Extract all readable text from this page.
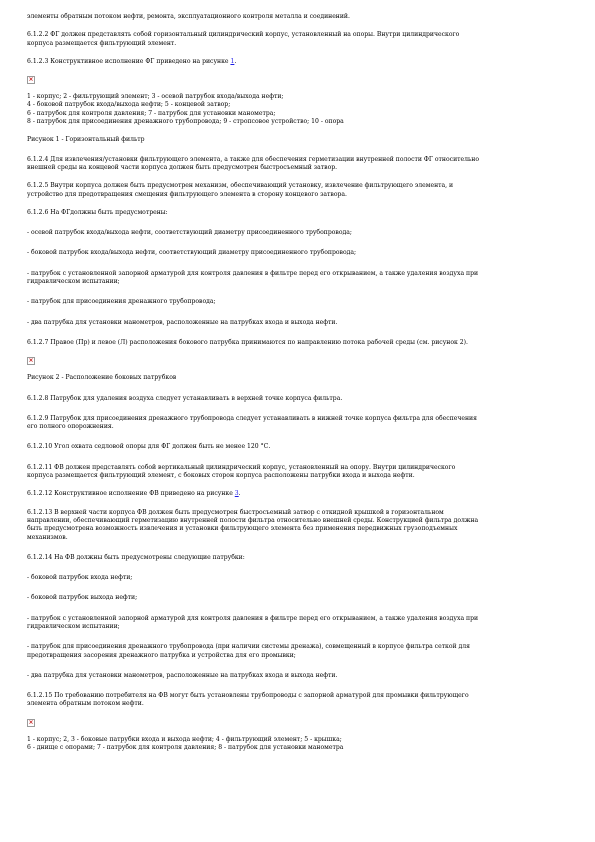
элементы обратным потоком нефти, ремонта, эксплуатационного контроля металла и соединений.

6.1.2.2 ФГ должен представлять собой горизонтальный цилиндрический корпус, установленный на опоры. Внутри цилиндрического

корпуса размещается фильтрующий элемент.

6.1.2.3 Конструктивное исполнение ФГ приведено на рисунке 1.

×

1 - корпус; 2 - фильтрующий элемент; 3 - осевой патрубок входа/выхода нефти;

4 - боковой патрубок входа/выхода нефти; 5 - концевой затвор;

6 - патрубок для контроля давления; 7 - патрубок для установки манометра;

8 - патрубок для присоединения дренажного трубопровода; 9 - стропсовое устройство; 10 - опора

Рисунок 1 - Горизонтальный фильтр

6.1.2.4 Для извлечения/установки фильтрующего элемента, а также для обеспечения герметизации внутренней полости ФГ относительно

внешней среды на концевой части корпуса должен быть предусмотрен быстросъемный затвор.

6.1.2.5 Внутри корпуса должен быть предусмотрен механизм, обеспечивающий установку, извлечение фильтрующего элемента, и

устройство для предотвращения смещения фильтрующего элемента в сторону концевого затвора.

6.1.2.6 На ФГдолжны быть предусмотрены:

- осевой патрубок входа/выхода нефти, соответствующий диаметру присоединенного трубопровода;

- боковой патрубок входа/выхода нефти, соответствующий диаметру присоединенного трубопровода;

- патрубок с установленной запорной арматурой для контроля давления в фильтре перед его открыванием, а также удаления воздуха при

гидравлическом испытании;

- патрубок для присоединения дренажного трубопровода;

- два патрубка для установки манометров, расположенные на патрубках входа и выхода нефти.

6.1.2.7 Правое (Пр) и левое (Л) расположения бокового патрубка принимаются по направлению потока рабочей среды (см. рисунок 2).

×

Рисунок 2 - Расположение боковых патрубков

6.1.2.8 Патрубок для удаления воздуха следует устанавливать в верхней точке корпуса фильтра.

6.1.2.9 Патрубок для присоединения дренажного трубопровода следует устанавливать в нижней точке корпуса фильтра для обеспечения

его полного опорожнения.

6.1.2.10 Угол охвата седловой опоры для ФГ должен быть не менее 120 °С.

6.1.2.11 ФВ должен представлять собой вертикальный цилиндрический корпус, установленный на опору. Внутри цилиндрического

корпуса размещается фильтрующий элемент, с боковых сторон корпуса расположены патрубки входа и выхода нефти.

6.1.2.12 Конструктивное исполнение ФВ приведено на рисунке 3.

6.1.2.13 В верхней части корпуса ФВ должен быть предусмотрен быстросъемный затвор с откидной крышкой в горизонтальном

направлении, обеспечивающий герметизацию внутренней полости фильтра относительно внешней среды. Конструкцией фильтра должна

быть предусмотрена возможность извлечения и установки фильтрующего элемента без применения передвижных грузоподъемных

механизмов.

6.1.2.14 На ФВ должны быть предусмотрены следующие патрубки:

- боковой патрубок входа нефти;

- боковой патрубок выхода нефти;

- патрубок с установленной запорной арматурой для контроля давления в фильтре перед его открыванием, а также удаления воздуха при

гидравлическом испытании;

- патрубок для присоединения дренажного трубопровода (при наличии системы дренажа), совмещенный в корпусе фильтра сеткой для

предотвращения засорения дренажного патрубка и устройства для его промывки;

- два патрубка для установки манометров, расположенные на патрубках входа и выхода нефти.

6.1.2.15 По требованию потребителя на ФВ могут быть установлены трубопроводы с запорной арматурой для промывки фильтрующего

элемента обратным потоком нефти.

×

1 - корпус; 2, 3 - боковые патрубки входа и выхода нефти; 4 - фильтрующий элемент; 5 - крышка;

6 - днище с опорами; 7 - патрубок для контроля давления; 8 - патрубок для установки манометра
